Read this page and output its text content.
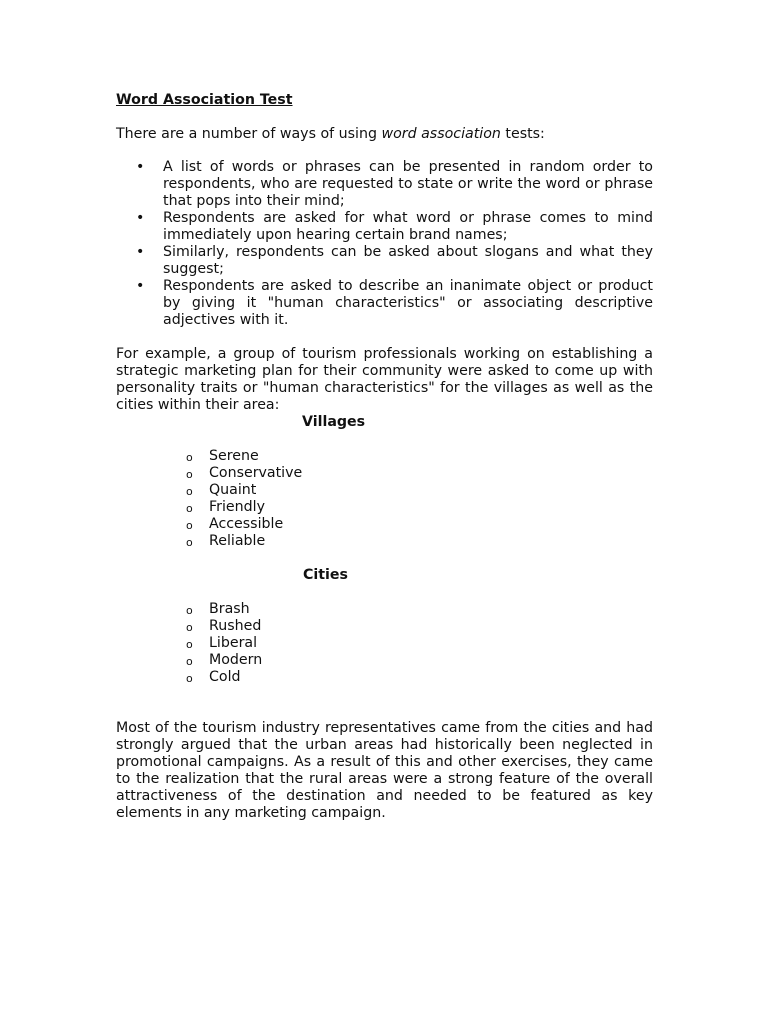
Word Association Test

There are a number of ways of using word association tests:

• A list of words or phrases can be presented in random order to respondents, who are requested to state or write the word or phrase that pops into their mind;
• Respondents are asked for what word or phrase comes to mind immediately upon hearing certain brand names;
• Similarly, respondents can be asked about slogans and what they suggest;
• Respondents are asked to describe an inanimate object or product by giving it "human characteristics" or associating descriptive adjectives with it.

For example, a group of tourism professionals working on establishing a strategic marketing plan for their community were asked to come up with personality traits or "human characteristics" for the villages as well as the cities within their area:

Villages

o Serene
o Conservative
o Quaint
o Friendly
o Accessible
o Reliable

Cities

o Brash
o Rushed
o Liberal
o Modern
o Cold

Most of the tourism industry representatives came from the cities and had strongly argued that the urban areas had historically been neglected in promotional campaigns. As a result of this and other exercises, they came to the realization that the rural areas were a strong feature of the overall attractiveness of the destination and needed to be featured as key elements in any marketing campaign.
